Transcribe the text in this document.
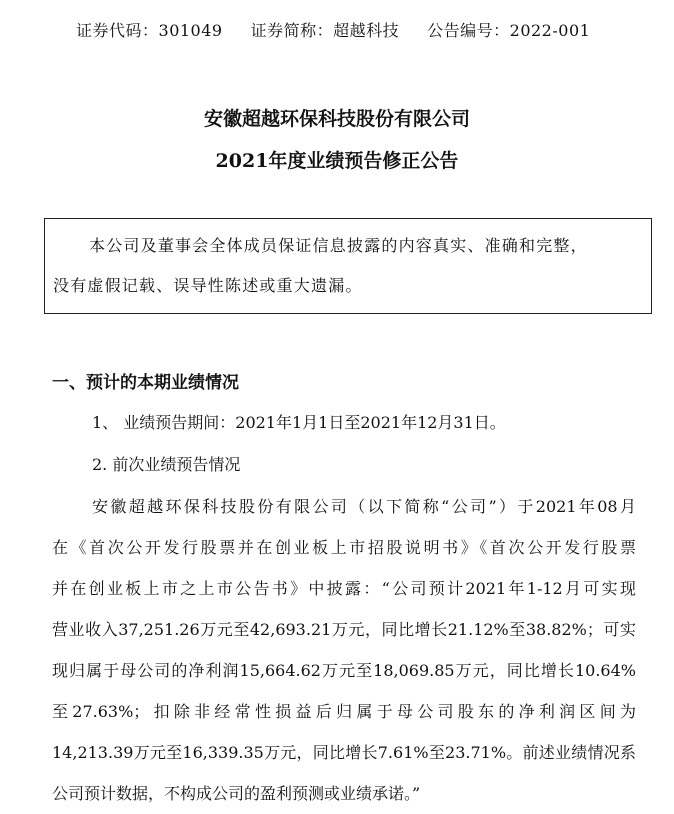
证券代码：301049 证券简称：超越科技 公告编号：2022-001
安徽超越环保科技股份有限公司
2021年度业绩预告修正公告
本公司及董事会全体成员保证信息披露的内容真实、准确和完整，
没有虚假记载、误导性陈述或重大遗漏。
一、预计的本期业绩情况
1、 业绩预告期间：2021年1月1日至2021年12月31日。
2. 前次业绩预告情况
安徽超越环保科技股份有限公司（以下简称“公司”）于2021年08月
在《首次公开发行股票并在创业板上市招股说明书》《首次公开发行股票
并在创业板上市之上市公告书》中披露：“公司预计2021年1-12月可实现
营业收入37,251.26万元至42,693.21万元，同比增长21.12%至38.82%；可实
现归属于母公司的净利润15,664.62万元至18,069.85万元，同比增长10.64%
至27.63%；扣除非经常性损益后归属于母公司股东的净利润区间为
14,213.39万元至16,339.35万元，同比增长7.61%至23.71%。前述业绩情况系
公司预计数据，不构成公司的盈利预测或业绩承诺。”
